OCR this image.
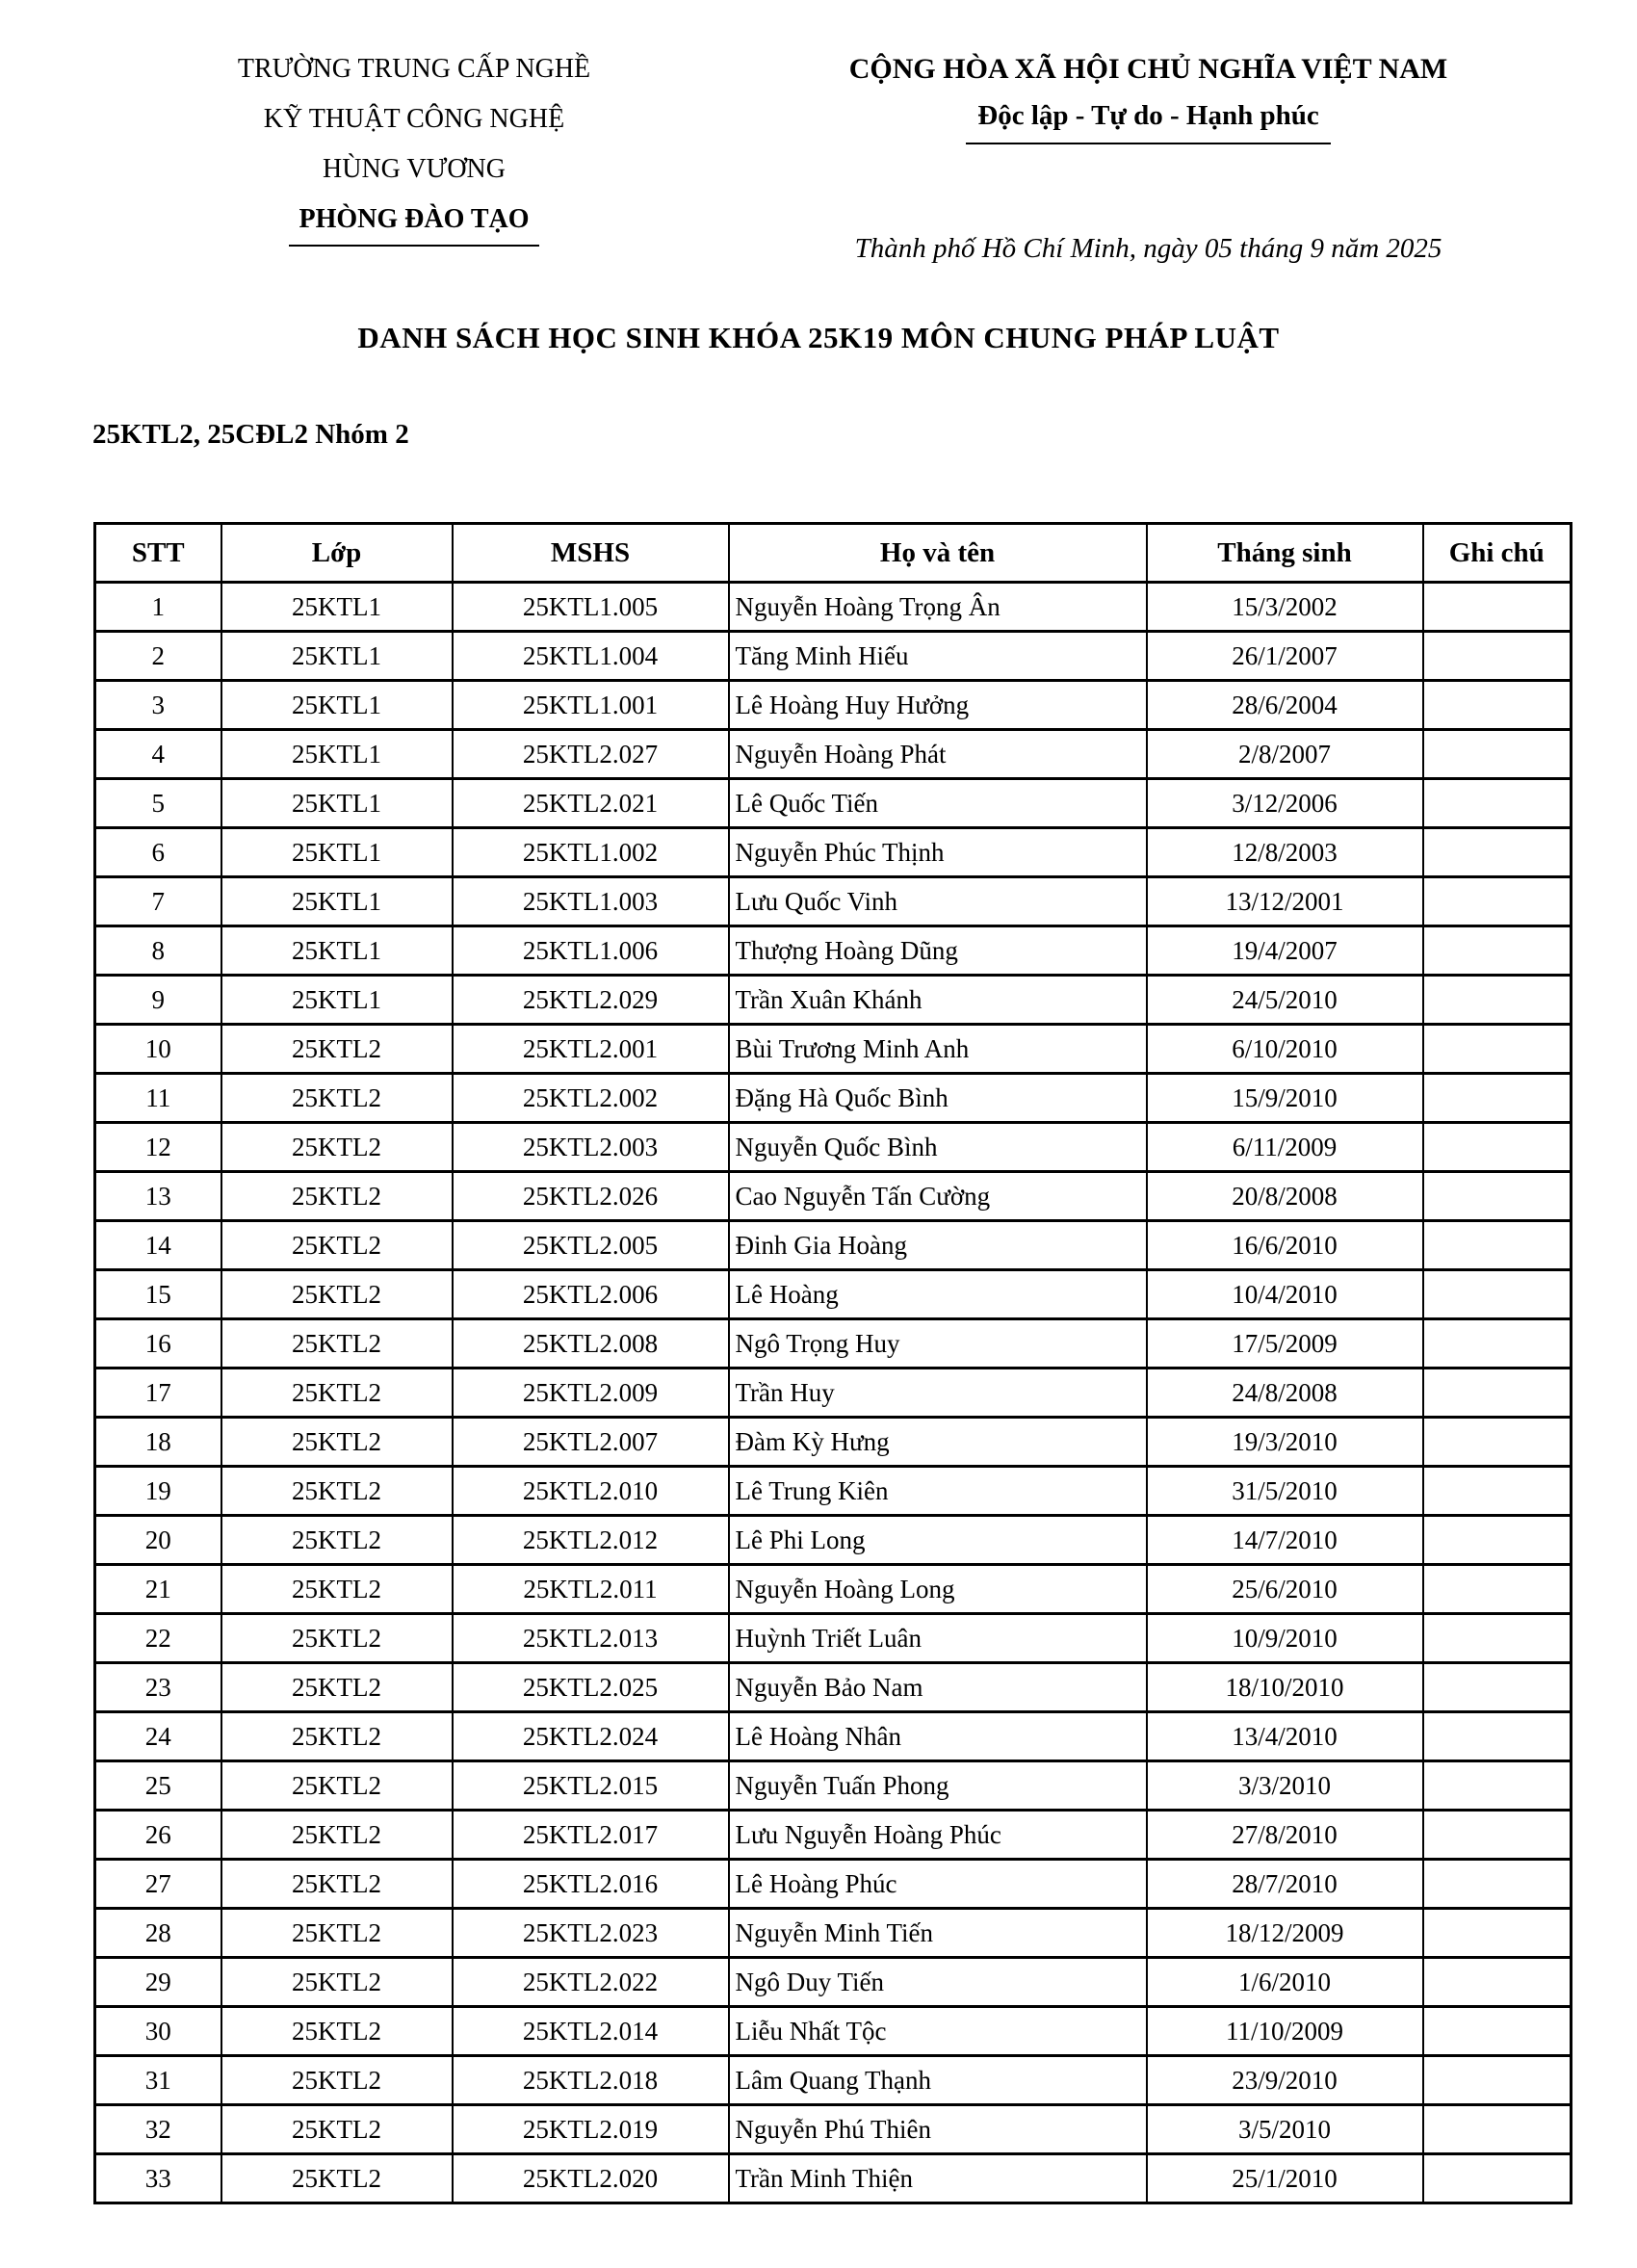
TRƯỜNG TRUNG CẤP NGHỀ
KỸ THUẬT CÔNG NGHỆ
HÙNG VƯƠNG
PHÒNG ĐÀO TẠO
CỘNG HÒA XÃ HỘI CHỦ NGHĨA VIỆT NAM
Độc lập - Tự do - Hạnh phúc
Thành phố Hồ Chí Minh, ngày 05 tháng 9 năm 2025
DANH SÁCH HỌC SINH KHÓA 25K19 MÔN CHUNG PHÁP LUẬT
25KTL2, 25CĐL2 Nhóm 2
STT	Lớp	MSHS	Họ và tên	Tháng sinh	Ghi chú
1	25KTL1	25KTL1.005	Nguyễn Hoàng Trọng Ân	15/3/2002	
2	25KTL1	25KTL1.004	Tăng Minh Hiếu	26/1/2007	
3	25KTL1	25KTL1.001	Lê Hoàng Huy Hưởng	28/6/2004	
4	25KTL1	25KTL2.027	Nguyễn Hoàng Phát	2/8/2007	
5	25KTL1	25KTL2.021	Lê Quốc Tiến	3/12/2006	
6	25KTL1	25KTL1.002	Nguyễn Phúc Thịnh	12/8/2003	
7	25KTL1	25KTL1.003	Lưu Quốc Vinh	13/12/2001	
8	25KTL1	25KTL1.006	Thượng Hoàng Dũng	19/4/2007	
9	25KTL1	25KTL2.029	Trần Xuân Khánh	24/5/2010	
10	25KTL2	25KTL2.001	Bùi Trương Minh Anh	6/10/2010	
11	25KTL2	25KTL2.002	Đặng Hà Quốc Bình	15/9/2010	
12	25KTL2	25KTL2.003	Nguyễn Quốc Bình	6/11/2009	
13	25KTL2	25KTL2.026	Cao Nguyễn Tấn Cường	20/8/2008	
14	25KTL2	25KTL2.005	Đinh Gia Hoàng	16/6/2010	
15	25KTL2	25KTL2.006	Lê Hoàng	10/4/2010	
16	25KTL2	25KTL2.008	Ngô Trọng Huy	17/5/2009	
17	25KTL2	25KTL2.009	Trần Huy	24/8/2008	
18	25KTL2	25KTL2.007	Đàm Kỳ Hưng	19/3/2010	
19	25KTL2	25KTL2.010	Lê Trung Kiên	31/5/2010	
20	25KTL2	25KTL2.012	Lê Phi Long	14/7/2010	
21	25KTL2	25KTL2.011	Nguyễn Hoàng Long	25/6/2010	
22	25KTL2	25KTL2.013	Huỳnh Triết Luân	10/9/2010	
23	25KTL2	25KTL2.025	Nguyễn Bảo Nam	18/10/2010	
24	25KTL2	25KTL2.024	Lê Hoàng Nhân	13/4/2010	
25	25KTL2	25KTL2.015	Nguyễn Tuấn Phong	3/3/2010	
26	25KTL2	25KTL2.017	Lưu Nguyễn Hoàng Phúc	27/8/2010	
27	25KTL2	25KTL2.016	Lê Hoàng Phúc	28/7/2010	
28	25KTL2	25KTL2.023	Nguyễn Minh Tiến	18/12/2009	
29	25KTL2	25KTL2.022	Ngô Duy Tiến	1/6/2010	
30	25KTL2	25KTL2.014	Liễu Nhất Tộc	11/10/2009	
31	25KTL2	25KTL2.018	Lâm Quang Thạnh	23/9/2010	
32	25KTL2	25KTL2.019	Nguyễn Phú Thiên	3/5/2010	
33	25KTL2	25KTL2.020	Trần Minh Thiện	25/1/2010	
